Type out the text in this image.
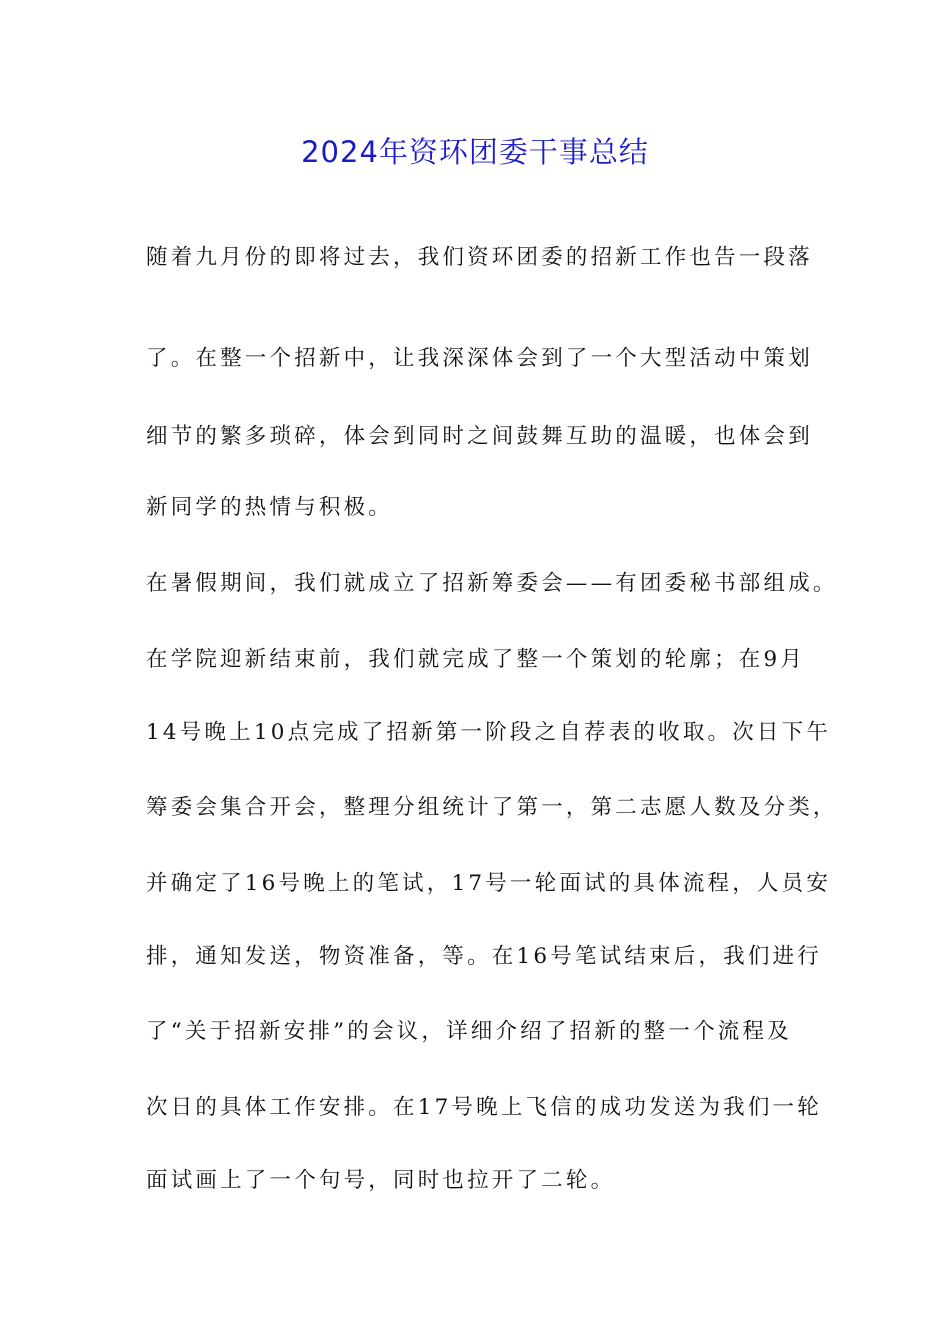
2024年资环团委干事总结

随着九月份的即将过去，我们资环团委的招新工作也告一段落

了。在整一个招新中，让我深深体会到了一个大型活动中策划

细节的繁多琐碎，体会到同时之间鼓舞互助的温暖，也体会到

新同学的热情与积极。

在暑假期间，我们就成立了招新筹委会——有团委秘书部组成。

在学院迎新结束前，我们就完成了整一个策划的轮廓；在9月

14号晚上10点完成了招新第一阶段之自荐表的收取。次日下午

筹委会集合开会，整理分组统计了第一，第二志愿人数及分类，

并确定了16号晚上的笔试，17号一轮面试的具体流程，人员安

排，通知发送，物资准备，等。在16号笔试结束后，我们进行

了“关于招新安排”的会议，详细介绍了招新的整一个流程及

次日的具体工作安排。在17号晚上飞信的成功发送为我们一轮

面试画上了一个句号，同时也拉开了二轮。
